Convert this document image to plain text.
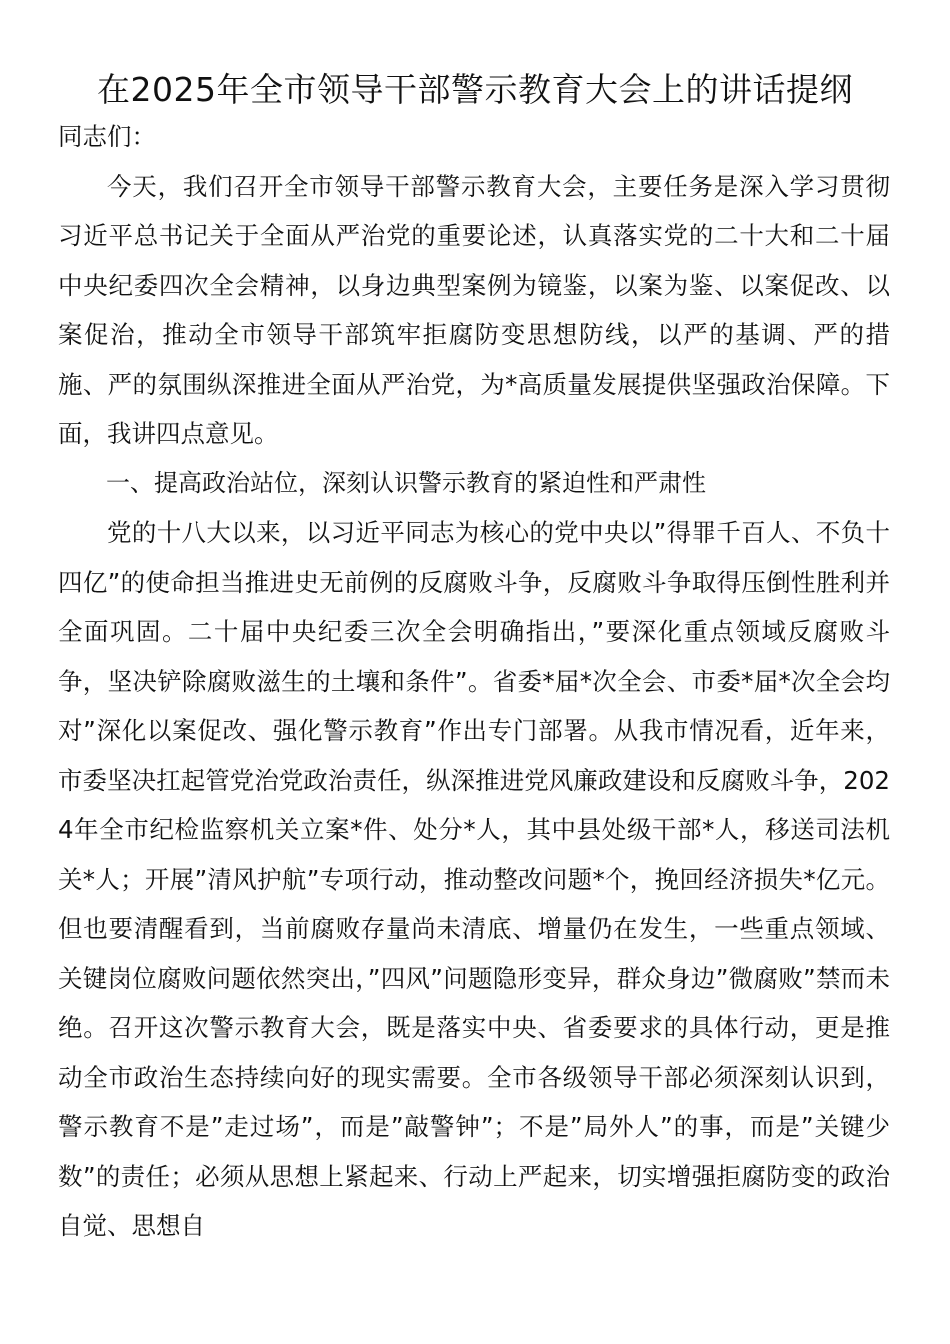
在2025年全市领导干部警示教育大会上的讲话提纲

同志们：

今天，我们召开全市领导干部警示教育大会，主要任务是深入学习贯彻习近平总书记关于全面从严治党的重要论述，认真落实党的二十大和二十届中央纪委四次全会精神，以身边典型案例为镜鉴，以案为鉴、以案促改、以案促治，推动全市领导干部筑牢拒腐防变思想防线，以严的基调、严的措施、严的氛围纵深推进全面从严治党，为*高质量发展提供坚强政治保障。下面，我讲四点意见。

一、提高政治站位，深刻认识警示教育的紧迫性和严肃性

党的十八大以来，以习近平同志为核心的党中央以”得罪千百人、不负十四亿”的使命担当推进史无前例的反腐败斗争，反腐败斗争取得压倒性胜利并全面巩固。二十届中央纪委三次全会明确指出，”要深化重点领域反腐败斗争，坚决铲除腐败滋生的土壤和条件”。省委*届*次全会、市委*届*次全会均对”深化以案促改、强化警示教育”作出专门部署。从我市情况看，近年来，市委坚决扛起管党治党政治责任，纵深推进党风廉政建设和反腐败斗争，2024年全市纪检监察机关立案*件、处分*人，其中县处级干部*人，移送司法机关*人；开展”清风护航”专项行动，推动整改问题*个，挽回经济损失*亿元。但也要清醒看到，当前腐败存量尚未清底、增量仍在发生，一些重点领域、关键岗位腐败问题依然突出，”四风”问题隐形变异，群众身边”微腐败”禁而未绝。召开这次警示教育大会，既是落实中央、省委要求的具体行动，更是推动全市政治生态持续向好的现实需要。全市各级领导干部必须深刻认识到，警示教育不是”走过场”，而是”敲警钟”；不是”局外人”的事，而是”关键少数”的责任；必须从思想上紧起来、行动上严起来，切实增强拒腐防变的政治自觉、思想自
